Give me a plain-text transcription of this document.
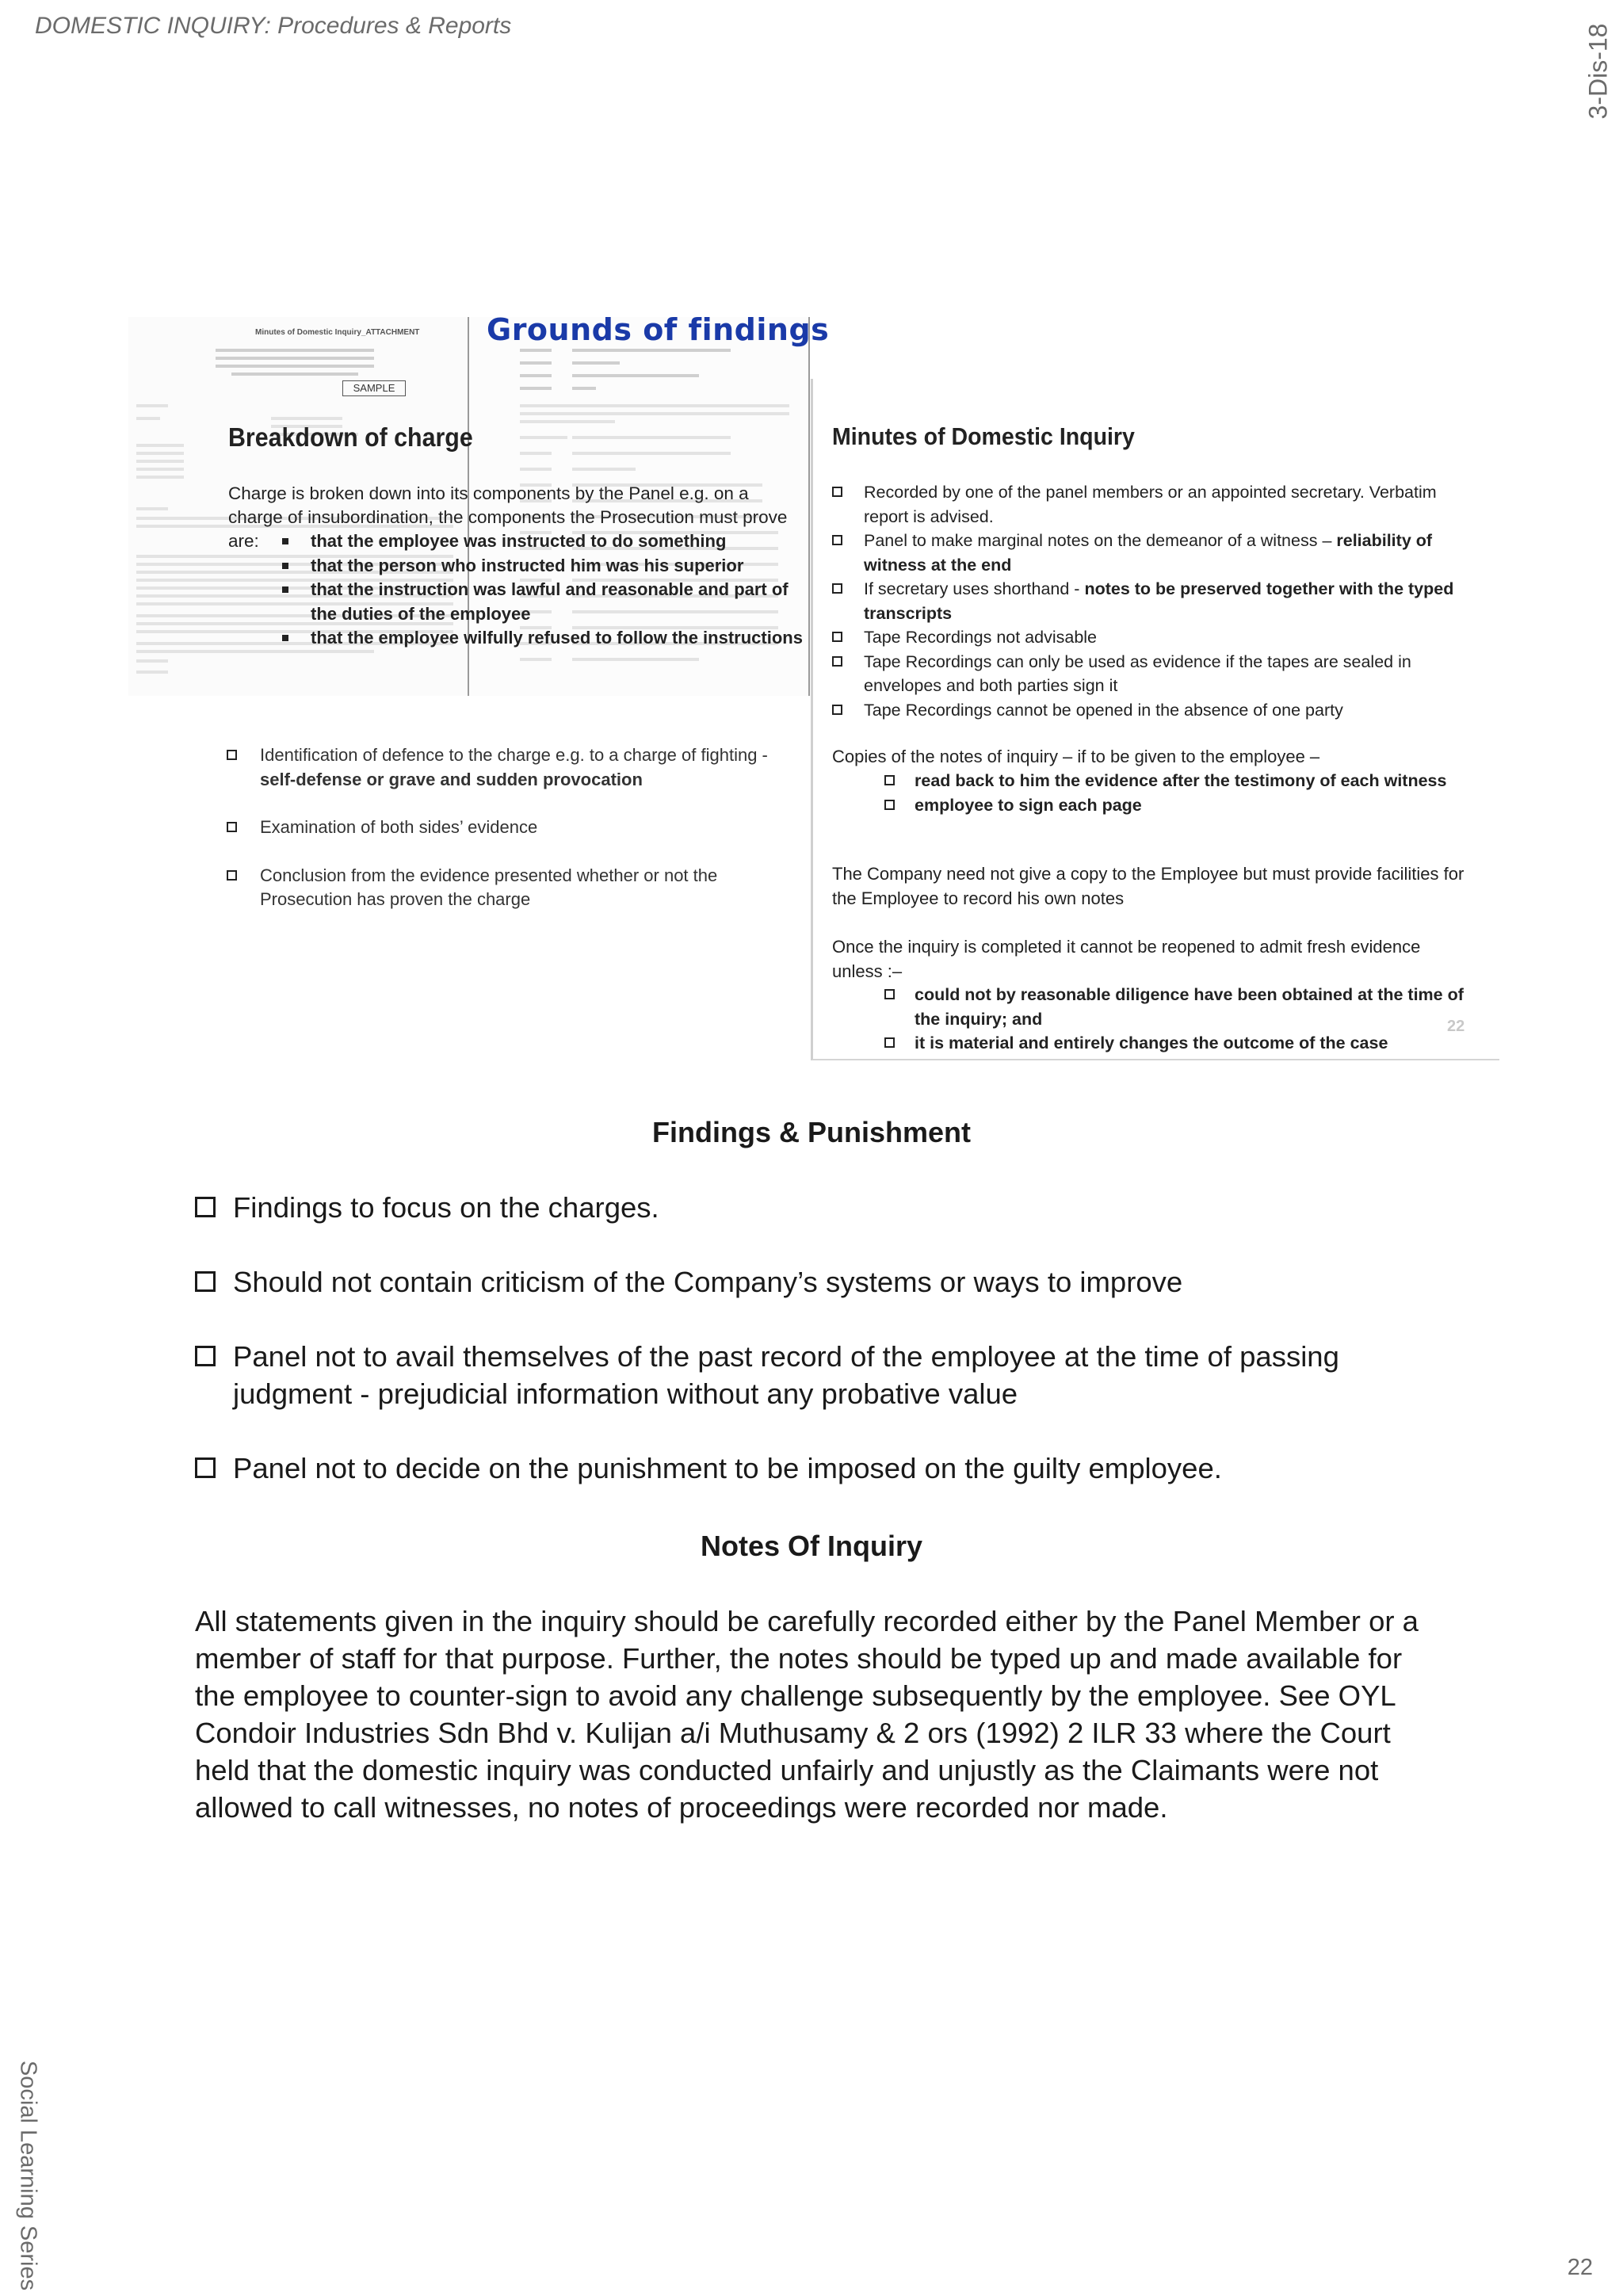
DOMESTIC INQUIRY: Procedures & Reports	3-Dis-18
Social Learning Series	22
Minutes of Domestic Inquiry_ATTACHMENT
SAMPLE
Grounds of findings
Breakdown of charge
Charge is broken down into its components by the Panel e.g. on a charge of insubordination, the components the Prosecution must prove are:	that the employee was instructed to do something
that the person who instructed him was his superior
that the instruction was lawful and reasonable and part of the duties of the employee
that the employee wilfully refused to follow the instructions
Identification of defence to the charge e.g. to a charge of fighting - self-defense or grave and sudden provocation
Examination of both sides’ evidence
Conclusion from the evidence presented whether or not the Prosecution has proven the charge
Minutes of Domestic Inquiry
Recorded by one of the panel members or an appointed secretary. Verbatim report is advised.
Panel to make marginal notes on the demeanor of a witness – reliability of witness at the end
If secretary uses shorthand - notes to be preserved together with the typed transcripts
Tape Recordings not advisable
Tape Recordings can only be used as evidence if the tapes are sealed in envelopes and both parties sign it
Tape Recordings cannot be opened in the absence of one party
Copies of the notes of inquiry – if to be given to the employee –
read back to him the evidence after the testimony of each witness
employee to sign each page
The Company need not give a copy to the Employee but must provide facilities for the Employee to record his own notes
Once the inquiry is completed it cannot be reopened to admit fresh evidence unless :–
could not by reasonable diligence have been obtained at the time of the inquiry; and
it is material and entirely changes the outcome of the case
22
Findings & Punishment
Findings to focus on the charges.
Should not contain criticism of the Company’s systems or ways to improve
Panel not to avail themselves of the past record of the employee at the time of passing judgment - prejudicial information without any probative value
Panel not to decide on the punishment to be imposed on the guilty employee.
Notes Of Inquiry
All statements given in the inquiry should be carefully recorded either by the Panel Member or a member of staff for that purpose. Further, the notes should be typed up and made available for the employee to counter-sign to avoid any challenge subsequently by the employee. See OYL Condoir Industries Sdn Bhd v. Kulijan a/i Muthusamy & 2 ors (1992) 2 ILR 33 where the Court held that the domestic inquiry was conducted unfairly and unjustly as the Claimants were not allowed to call witnesses, no notes of proceedings were recorded nor made.
